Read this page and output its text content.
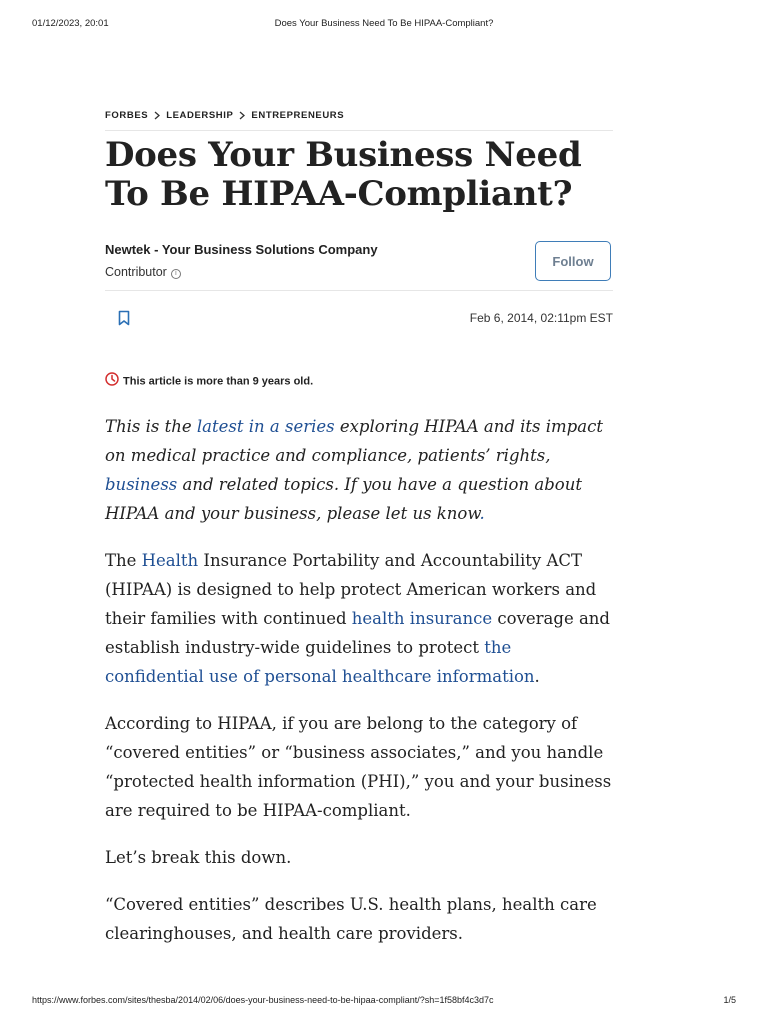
01/12/2023, 20:01	Does Your Business Need To Be HIPAA-Compliant?
FORBES LEADERSHIP ENTREPRENEURS
Does Your Business Need To Be HIPAA-Compliant?
Newtek - Your Business Solutions Company
Contributor i
Follow
Feb 6, 2014, 02:11pm EST
This article is more than 9 years old.

This is the latest in a series exploring HIPAA and its impact on medical practice and compliance, patients’ rights, business and related topics. If you have a question about HIPAA and your business, please let us know.

The Health Insurance Portability and Accountability ACT (HIPAA) is designed to help protect American workers and their families with continued health insurance coverage and establish industry-wide guidelines to protect the confidential use of personal healthcare information.

According to HIPAA, if you are belong to the category of “covered entities” or “business associates,” and you handle “protected health information (PHI),” you and your business are required to be HIPAA-compliant.

Let’s break this down.

“Covered entities” describes U.S. health plans, health care clearinghouses, and health care providers.

https://www.forbes.com/sites/thesba/2014/02/06/does-your-business-need-to-be-hipaa-compliant/?sh=1f58bf4c3d7c	1/5
